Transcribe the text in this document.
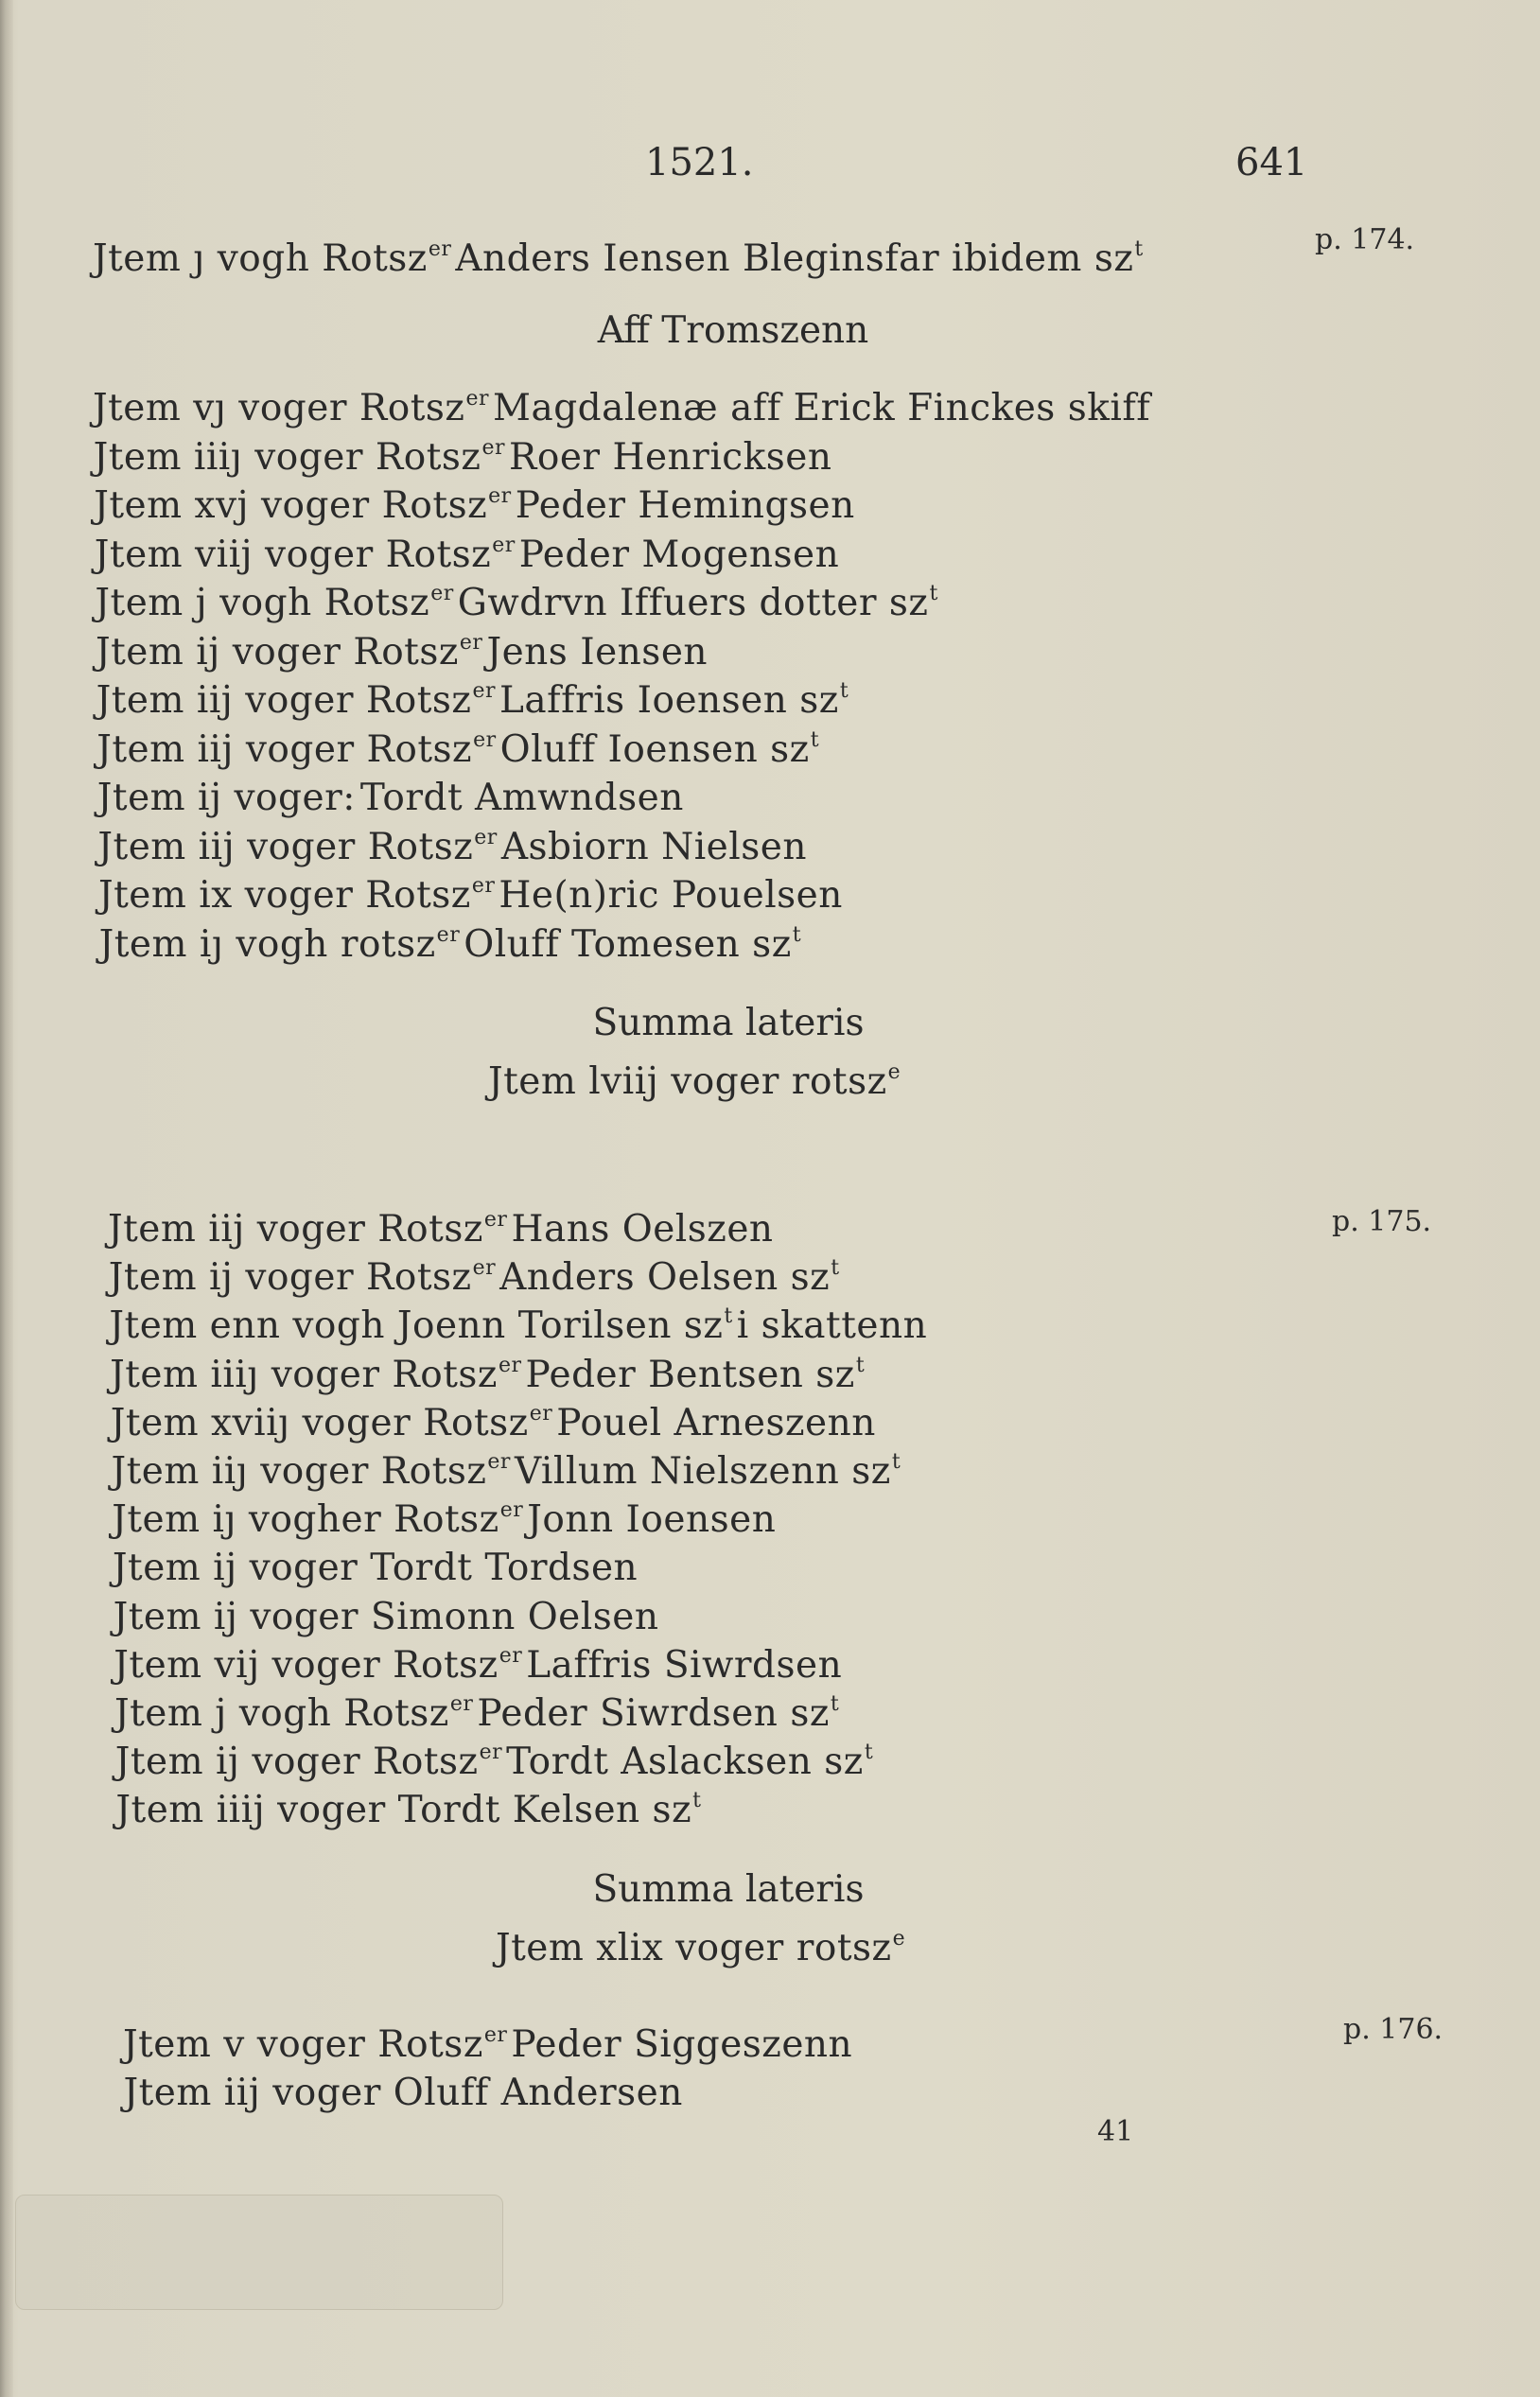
1521.	641
p. 174.
p. 175.
p. 176.
Jtem ȷ vogh Rotsz$^{er}$ Anders Iensen Bleginsfar ibidem $sz^t$
Aff Tromszenn
Jtem vȷ voger Rotsz$^{er}$ Magdalenæ aff Erick Finckes skiff
Jtem iiiȷ voger Rotsz$^{er}$ Roer Henricksen
Jtem xvj voger Rotsz$^{er}$ Peder Hemingsen
Jtem viij voger Rotsz$^{er}$ Peder Mogensen
Jtem j vogh Rotsz$^{er}$ Gwdrvn Iffuers dotter $sz^t$
Jtem ij voger Rotsz$^{er}$ Jens Iensen
Jtem iij voger Rotsz$^{er}$ Laffris Ioensen $sz^t$
Jtem iij voger Rotsz$^{er}$ Oluff Ioensen $sz^t$
Jtem ij voger: Tordt Amwndsen
Jtem iij voger Rotsz$^{er}$ Asbiorn Nielsen
Jtem ix voger Rotsz$^{er}$ He(n)ric Pouelsen
Jtem iȷ vogh rotsz$^{er}$ Oluff Tomesen $sz^t$
Summa lateris
Jtem lviij voger rotsz$^e$
Jtem iij voger Rotsz$^{er}$ Hans Oelszen
Jtem ij voger Rotsz$^{er}$ Anders Oelsen $sz^t$
Jtem enn vogh Joenn Torilsen $sz^t$ i skattenn
Jtem iiiȷ voger Rotsz$^{er}$ Peder Bentsen $sz^t$
Jtem xviiȷ voger Rotsz$^{er}$ Pouel Arneszenn
Jtem iiȷ voger Rotsz$^{er}$ Villum Nielszenn $sz^t$
Jtem iȷ vogher Rotsz$^{er}$ Jonn Ioensen
Jtem ij voger Tordt Tordsen
Jtem ij voger Simonn Oelsen
Jtem vij voger Rotsz$^{er}$ Laffris Siwrdsen
Jtem j vogh Rotsz$^{er}$ Peder Siwrdsen $sz^t$
Jtem ij voger Rotsz$^{er}$ Tordt Aslacksen $sz^t$
Jtem iiij voger Tordt Kelsen $sz^t$
Summa lateris
Jtem xlix voger rotsz$^e$
Jtem v voger Rotsz$^{er}$ Peder Siggeszenn
Jtem iij voger Oluff Andersen
41
